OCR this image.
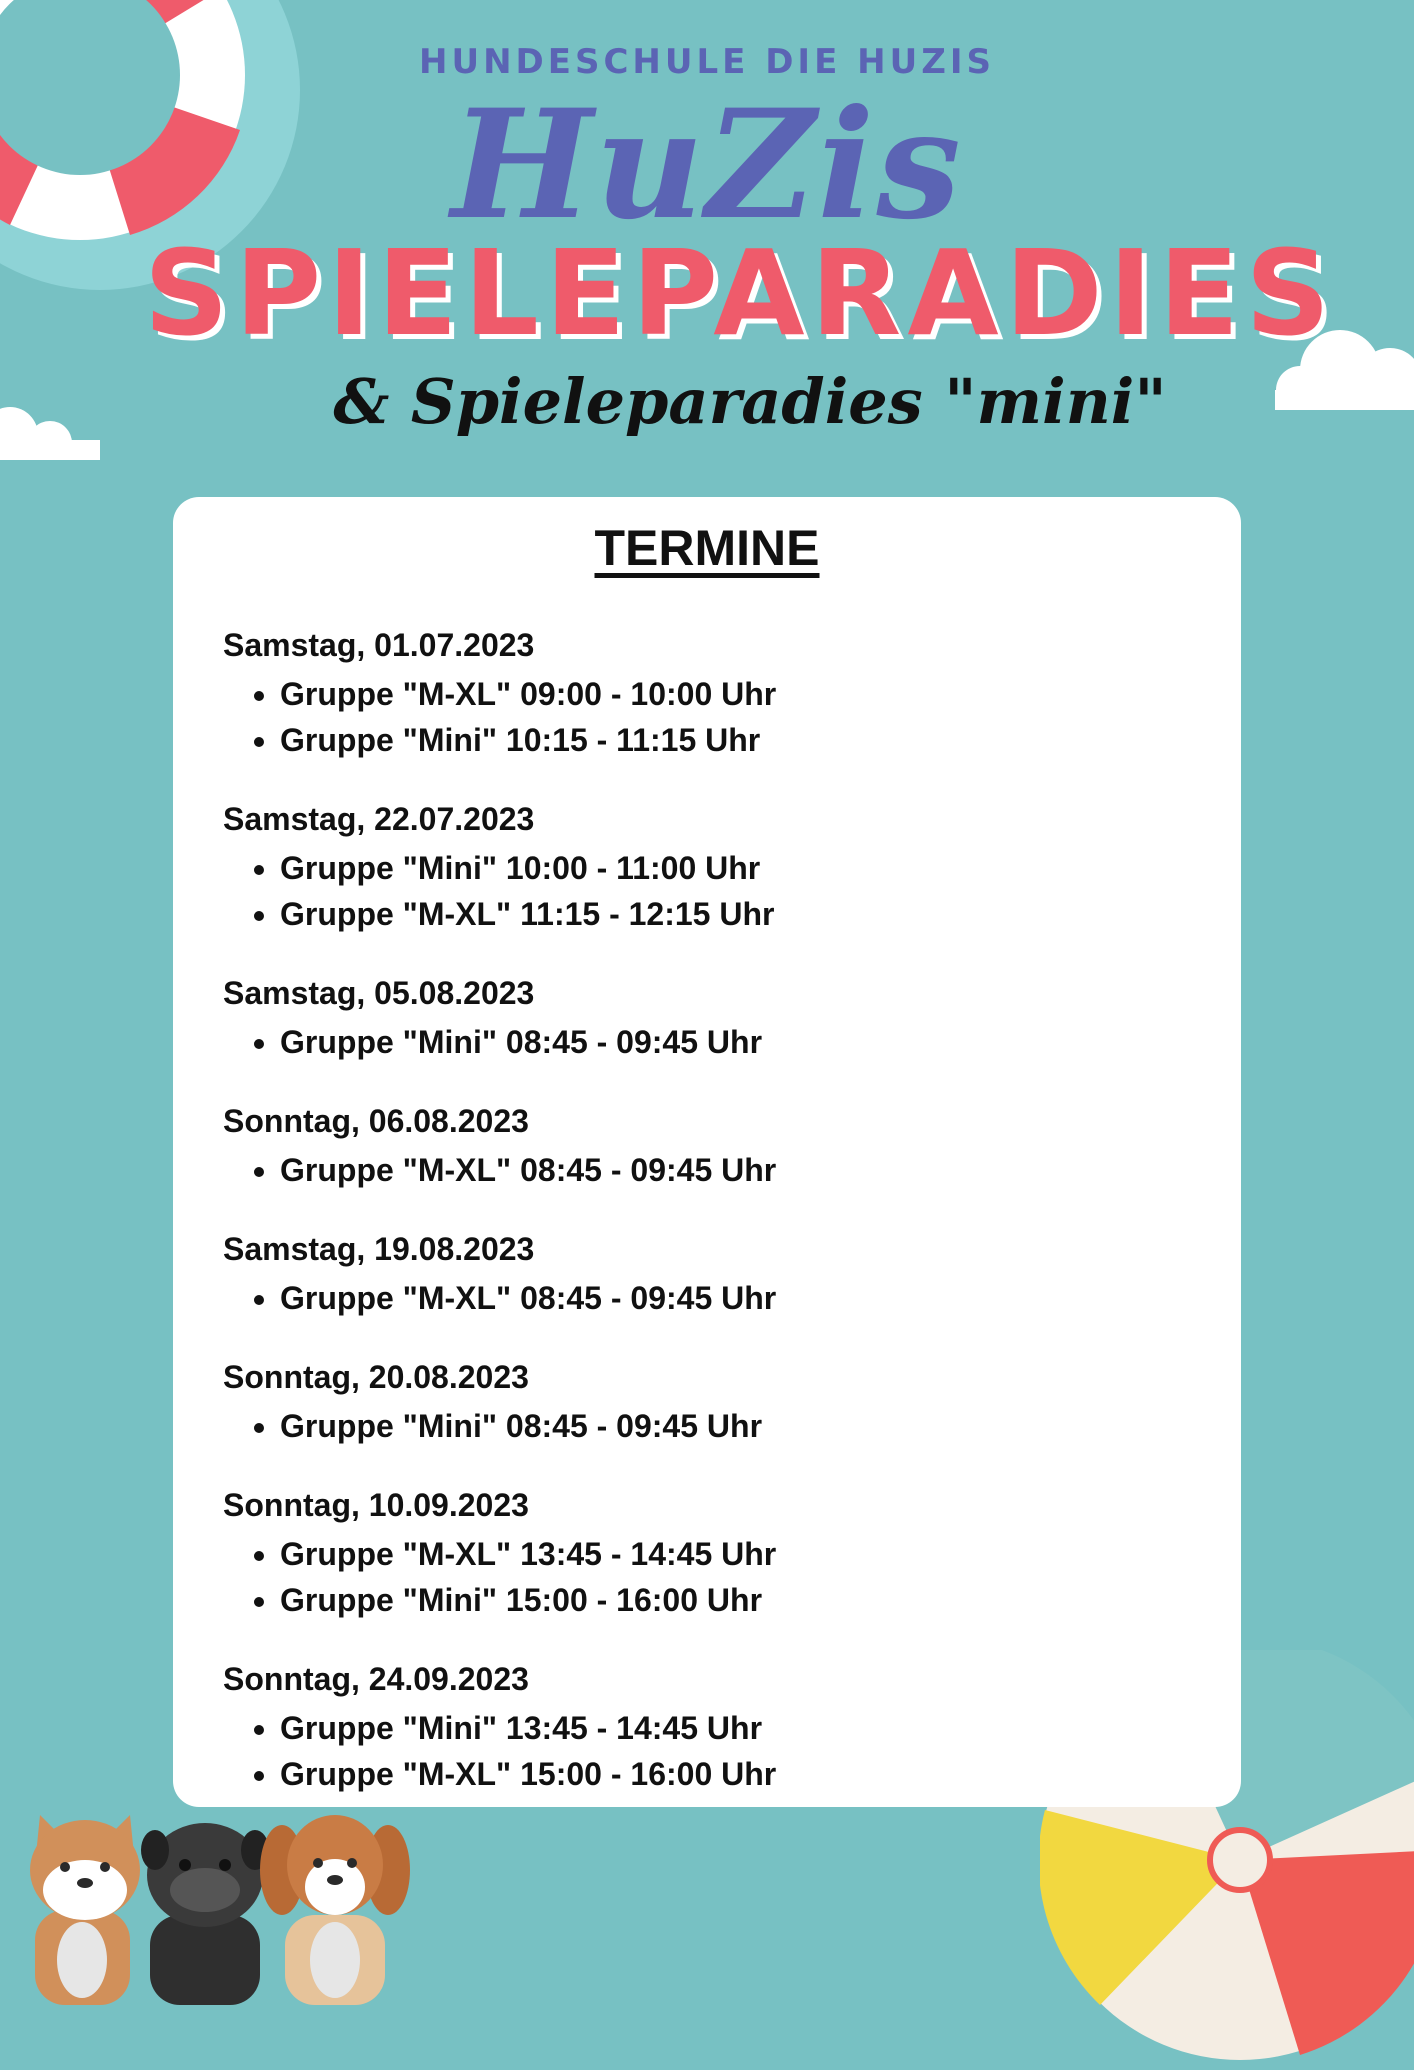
HUNDESCHULE DIE HUZIS
HuZis
SPIELEPARADIES
& Spieleparadies "mini"
TERMINE
Samstag, 01.07.2023
• Gruppe "M-XL" 09:00 - 10:00 Uhr
• Gruppe "Mini" 10:15 - 11:15 Uhr
Samstag, 22.07.2023
• Gruppe "Mini" 10:00 - 11:00 Uhr
• Gruppe "M-XL" 11:15 - 12:15 Uhr
Samstag, 05.08.2023
• Gruppe "Mini" 08:45 - 09:45 Uhr
Sonntag, 06.08.2023
• Gruppe "M-XL" 08:45 - 09:45 Uhr
Samstag, 19.08.2023
• Gruppe "M-XL" 08:45 - 09:45 Uhr
Sonntag, 20.08.2023
• Gruppe "Mini" 08:45 - 09:45 Uhr
Sonntag, 10.09.2023
• Gruppe "M-XL" 13:45 - 14:45 Uhr
• Gruppe "Mini" 15:00 - 16:00 Uhr
Sonntag, 24.09.2023
• Gruppe "Mini" 13:45 - 14:45 Uhr
• Gruppe "M-XL" 15:00 - 16:00 Uhr
